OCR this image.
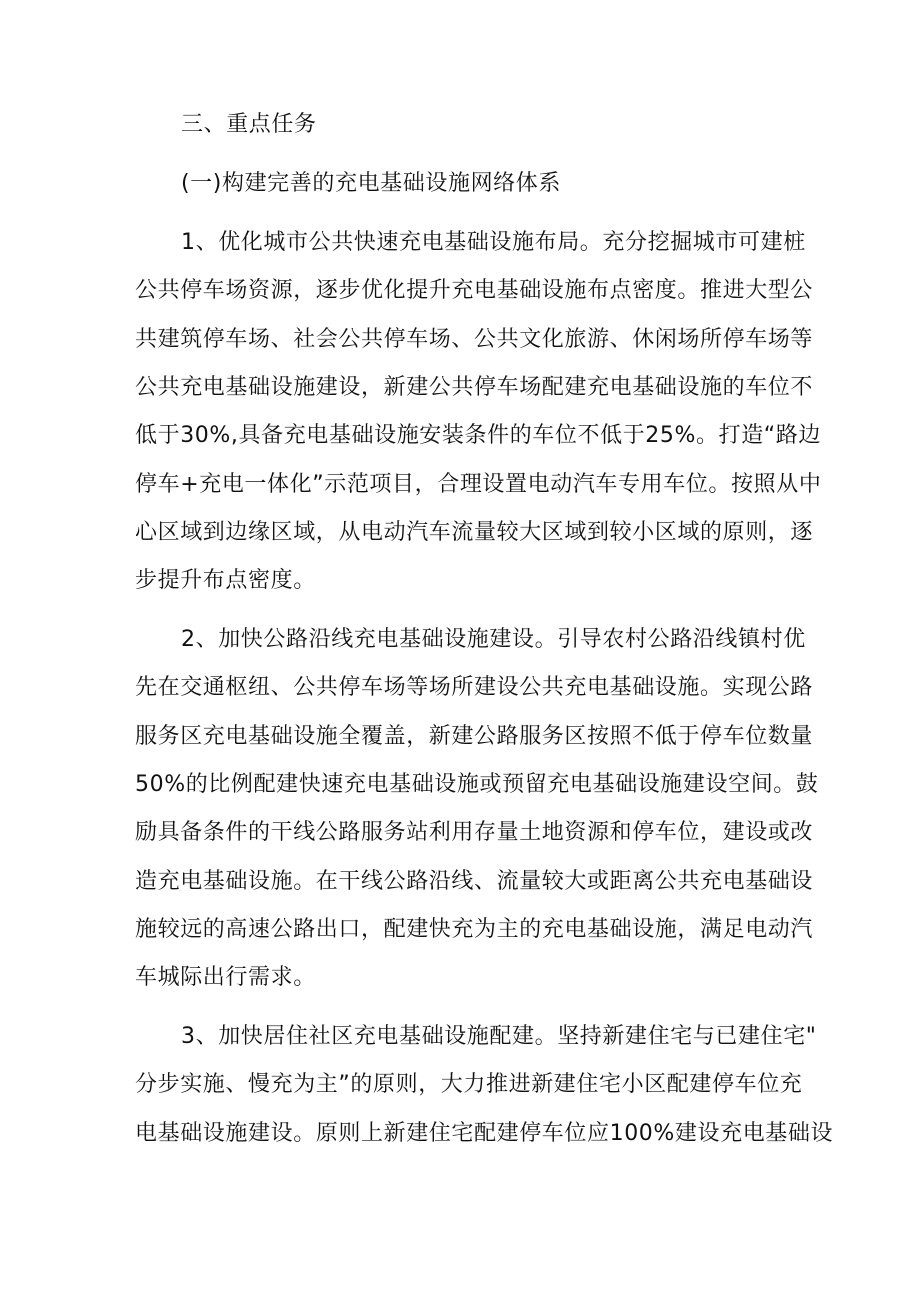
三、重点任务
(一)构建完善的充电基础设施网络体系
1、优化城市公共快速充电基础设施布局。充分挖掘城市可建桩
公共停车场资源，逐步优化提升充电基础设施布点密度。推进大型公
共建筑停车场、社会公共停车场、公共文化旅游、休闲场所停车场等
公共充电基础设施建设，新建公共停车场配建充电基础设施的车位不
低于30%,具备充电基础设施安装条件的车位不低于25%。打造“路边
停车+充电一体化”示范项目，合理设置电动汽车专用车位。按照从中
心区域到边缘区域，从电动汽车流量较大区域到较小区域的原则，逐
步提升布点密度。
2、加快公路沿线充电基础设施建设。引导农村公路沿线镇村优
先在交通枢纽、公共停车场等场所建设公共充电基础设施。实现公路
服务区充电基础设施全覆盖，新建公路服务区按照不低于停车位数量
50%的比例配建快速充电基础设施或预留充电基础设施建设空间。鼓
励具备条件的干线公路服务站利用存量土地资源和停车位，建设或改
造充电基础设施。在干线公路沿线、流量较大或距离公共充电基础设
施较远的高速公路出口，配建快充为主的充电基础设施，满足电动汽
车城际出行需求。
3、加快居住社区充电基础设施配建。坚持新建住宅与已建住宅"
分步实施、慢充为主”的原则，大力推进新建住宅小区配建停车位充
电基础设施建设。原则上新建住宅配建停车位应100%建设充电基础设
